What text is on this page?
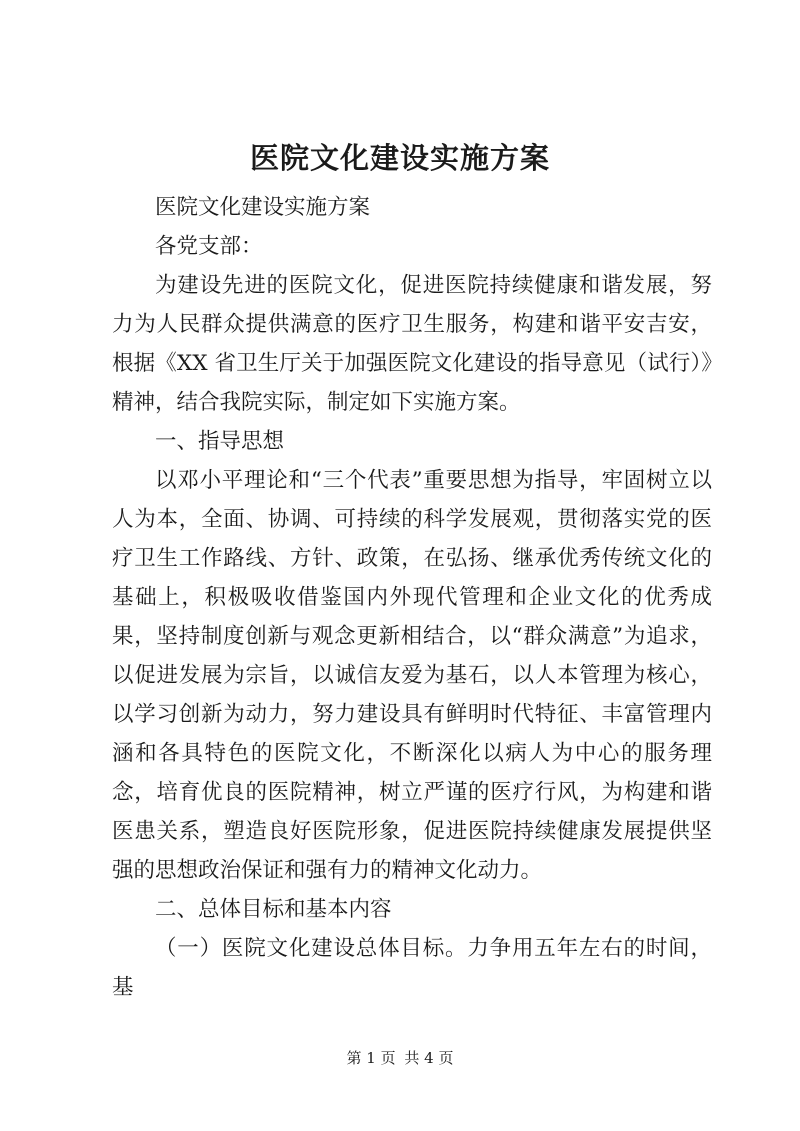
医院文化建设实施方案

医院文化建设实施方案

各党支部：

为建设先进的医院文化，促进医院持续健康和谐发展，努力为人民群众提供满意的医疗卫生服务，构建和谐平安吉安，根据《XX 省卫生厅关于加强医院文化建设的指导意见（试行）》精神，结合我院实际，制定如下实施方案。

一、指导思想

以邓小平理论和“三个代表”重要思想为指导，牢固树立以人为本，全面、协调、可持续的科学发展观，贯彻落实党的医疗卫生工作路线、方针、政策，在弘扬、继承优秀传统文化的基础上，积极吸收借鉴国内外现代管理和企业文化的优秀成果，坚持制度创新与观念更新相结合，以“群众满意”为追求，以促进发展为宗旨，以诚信友爱为基石，以人本管理为核心，以学习创新为动力，努力建设具有鲜明时代特征、丰富管理内涵和各具特色的医院文化，不断深化以病人为中心的服务理念，培育优良的医院精神，树立严谨的医疗行风，为构建和谐医患关系，塑造良好医院形象，促进医院持续健康发展提供坚强的思想政治保证和强有力的精神文化动力。

二、总体目标和基本内容

（一）医院文化建设总体目标。力争用五年左右的时间，基

第 1 页 共 4 页
